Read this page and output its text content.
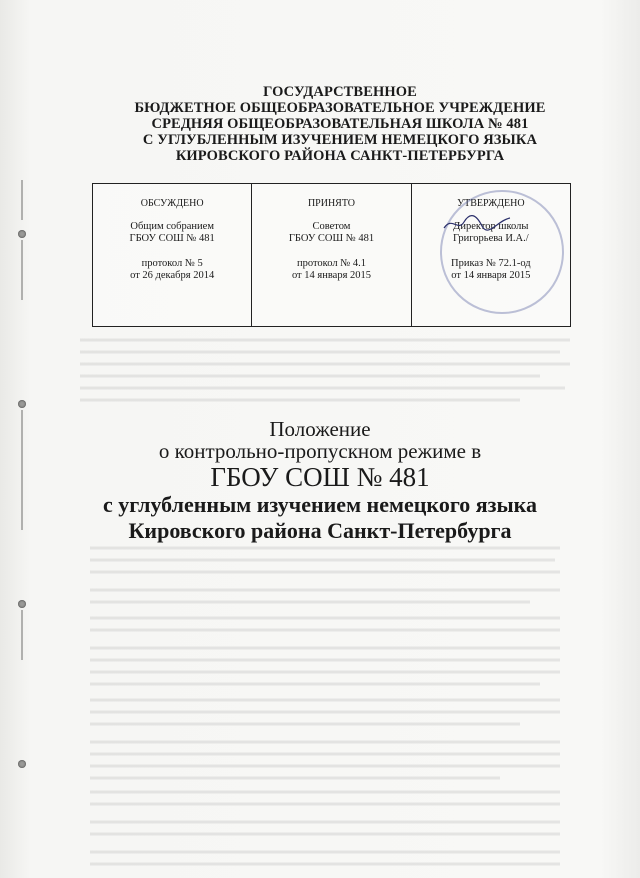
ГОСУДАРСТВЕННОЕ
БЮДЖЕТНОЕ ОБЩЕОБРАЗОВАТЕЛЬНОЕ УЧРЕЖДЕНИЕ
СРЕДНЯЯ ОБЩЕОБРАЗОВАТЕЛЬНАЯ ШКОЛА № 481
С УГЛУБЛЕННЫМ ИЗУЧЕНИЕМ НЕМЕЦКОГО ЯЗЫКА
КИРОВСКОГО РАЙОНА САНКТ-ПЕТЕРБУРГА
ОБСУЖДЕНО
Общим собранием
ГБОУ СОШ № 481
протокол № 5
от 26 декабря 2014
ПРИНЯТО
Советом
ГБОУ СОШ № 481
протокол № 4.1
от 14 января 2015
УТВЕРЖДЕНО
Директор школы
Григорьева И.А./
Приказ № 72.1-од
от 14 января 2015
Положение
о контрольно-пропускном режиме в
ГБОУ СОШ № 481
с углубленным изучением немецкого языка
Кировского района Санкт-Петербурга
